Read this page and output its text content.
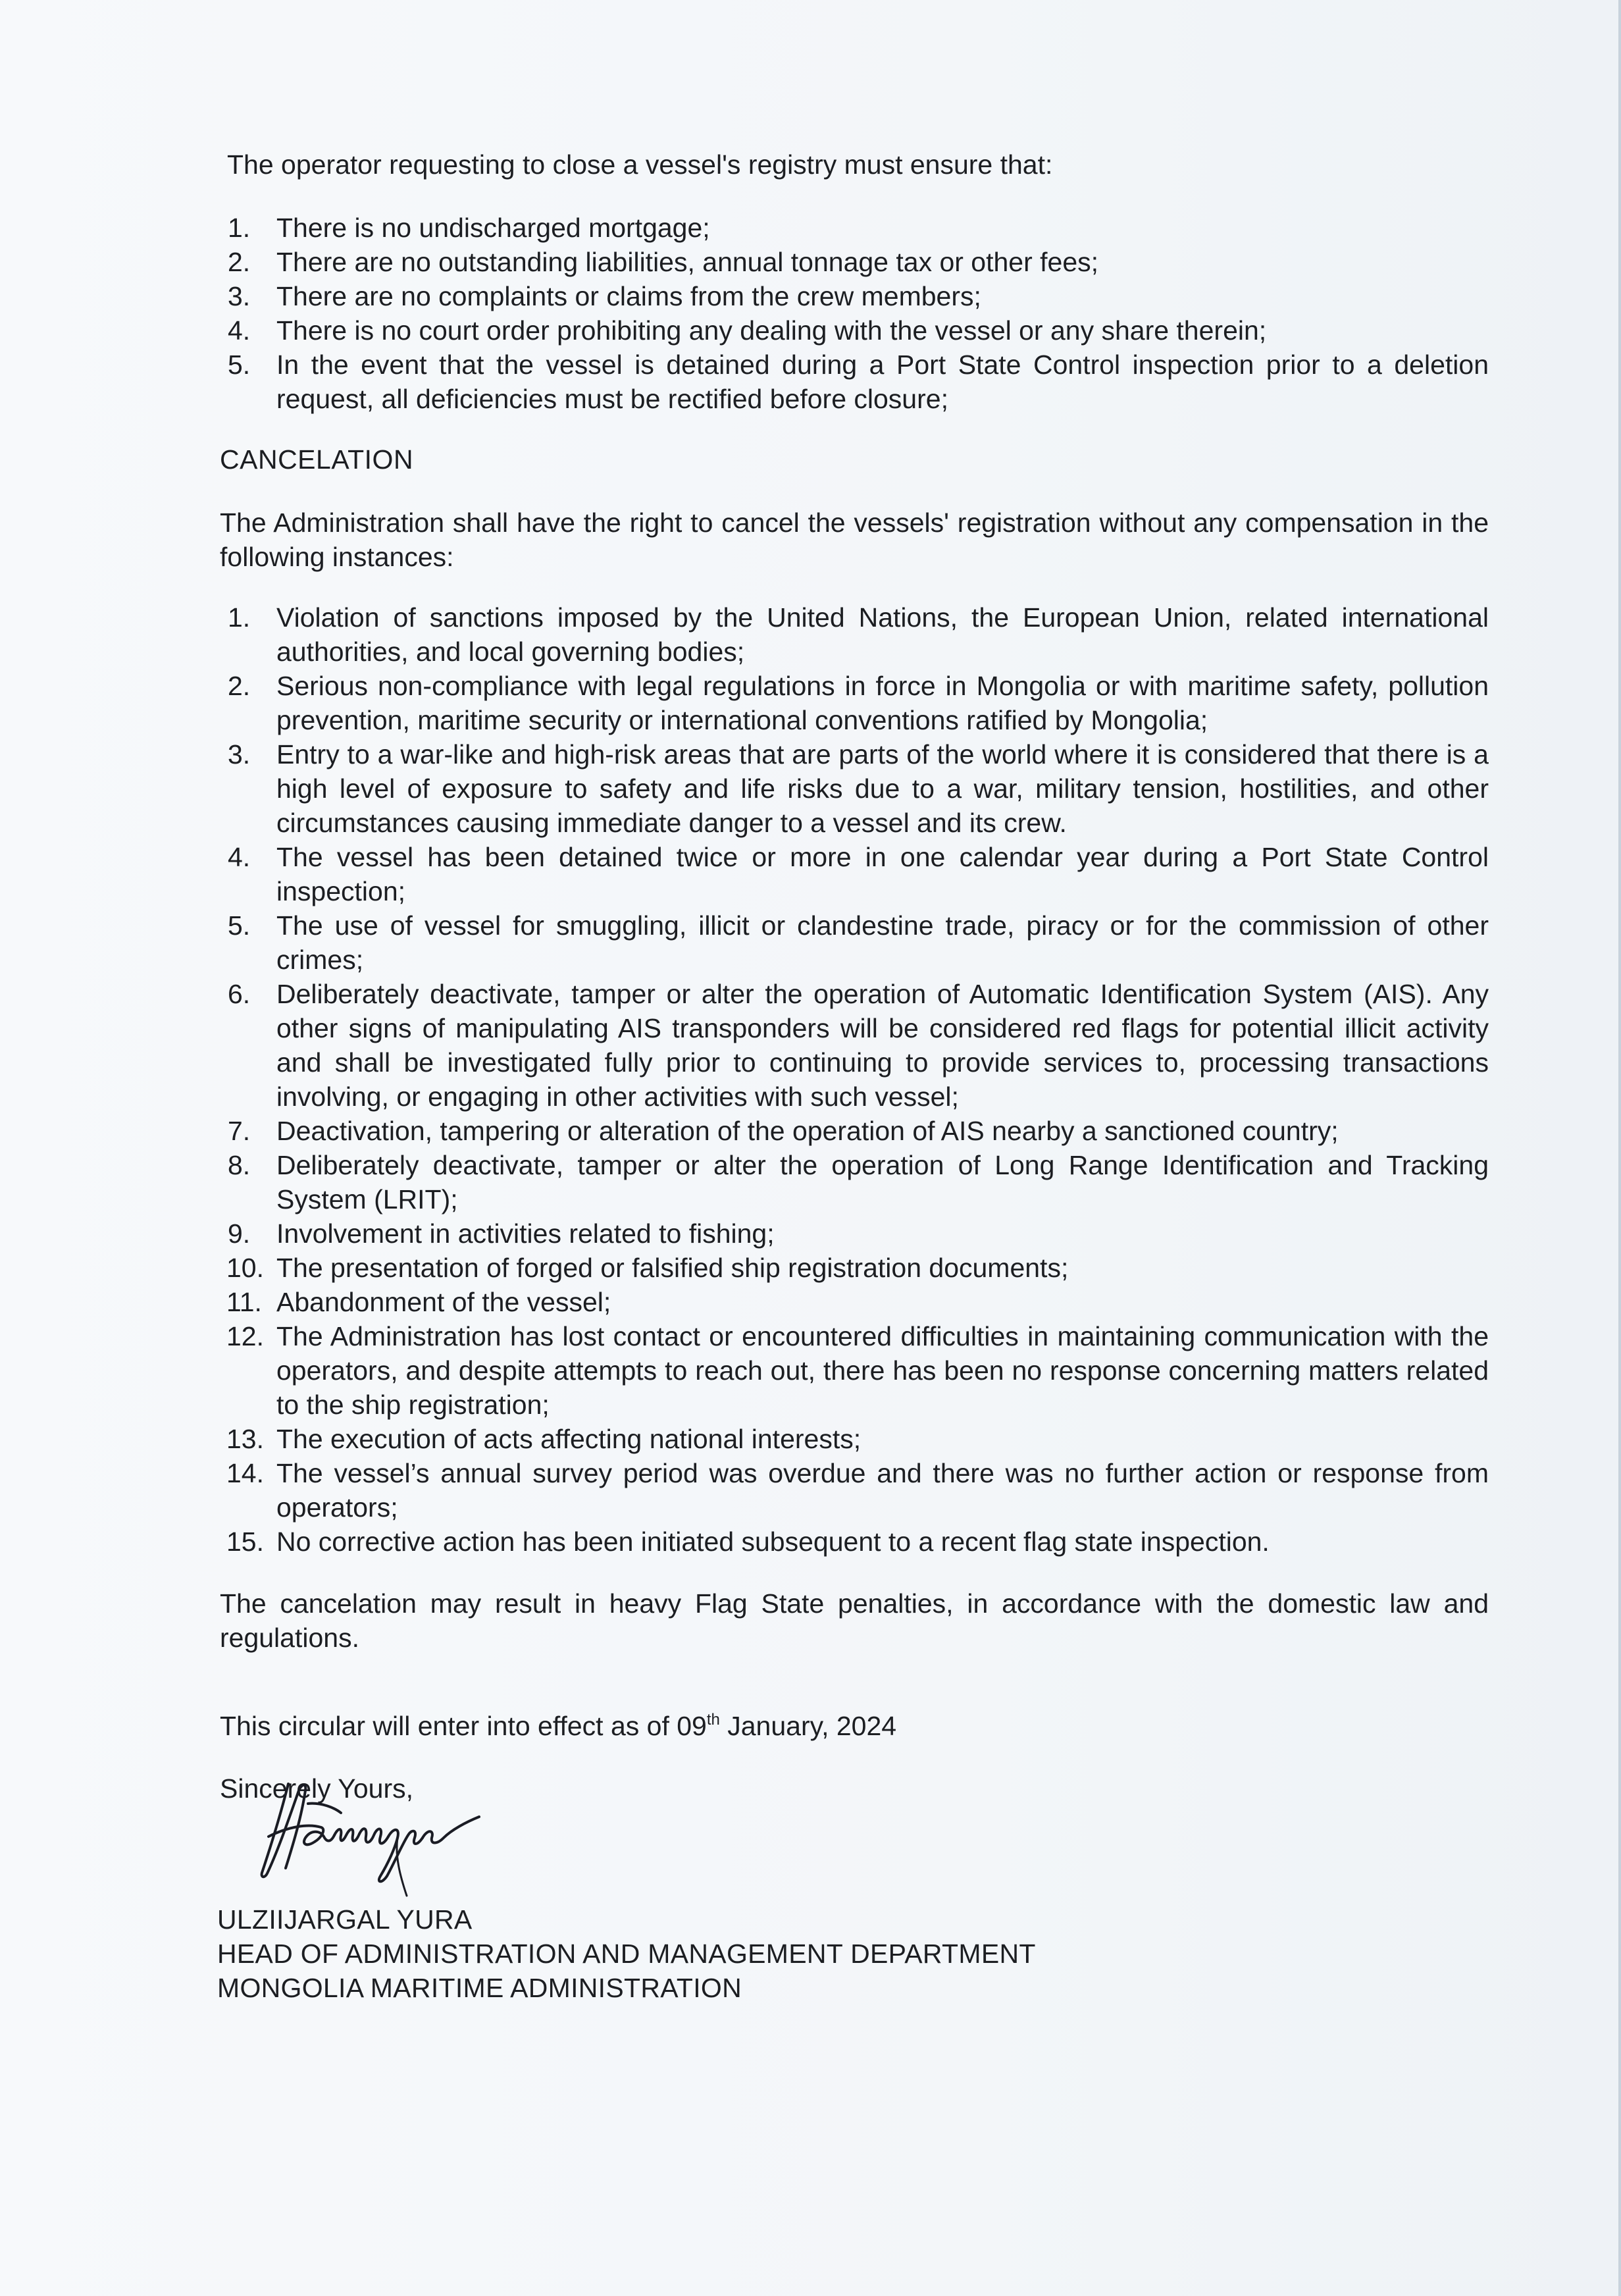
The operator requesting to close a vessel's registry must ensure that:

1. There is no undischarged mortgage;
2. There are no outstanding liabilities, annual tonnage tax or other fees;
3. There are no complaints or claims from the crew members;
4. There is no court order prohibiting any dealing with the vessel or any share therein;
5. In the event that the vessel is detained during a Port State Control inspection prior to a deletion request, all deficiencies must be rectified before closure;

CANCELATION

The Administration shall have the right to cancel the vessels' registration without any compensation in the following instances:

1. Violation of sanctions imposed by the United Nations, the European Union, related international authorities, and local governing bodies;
2. Serious non-compliance with legal regulations in force in Mongolia or with maritime safety, pollution prevention, maritime security or international conventions ratified by Mongolia;
3. Entry to a war-like and high-risk areas that are parts of the world where it is considered that there is a high level of exposure to safety and life risks due to a war, military tension, hostilities, and other circumstances causing immediate danger to a vessel and its crew.
4. The vessel has been detained twice or more in one calendar year during a Port State Control inspection;
5. The use of vessel for smuggling, illicit or clandestine trade, piracy or for the commission of other crimes;
6. Deliberately deactivate, tamper or alter the operation of Automatic Identification System (AIS). Any other signs of manipulating AIS transponders will be considered red flags for potential illicit activity and shall be investigated fully prior to continuing to provide services to, processing transactions involving, or engaging in other activities with such vessel;
7. Deactivation, tampering or alteration of the operation of AIS nearby a sanctioned country;
8. Deliberately deactivate, tamper or alter the operation of Long Range Identification and Tracking System (LRIT);
9. Involvement in activities related to fishing;
10. The presentation of forged or falsified ship registration documents;
11. Abandonment of the vessel;
12. The Administration has lost contact or encountered difficulties in maintaining communication with the operators, and despite attempts to reach out, there has been no response concerning matters related to the ship registration;
13. The execution of acts affecting national interests;
14. The vessel’s annual survey period was overdue and there was no further action or response from operators;
15. No corrective action has been initiated subsequent to a recent flag state inspection.

The cancelation may result in heavy Flag State penalties, in accordance with the domestic law and regulations.

This circular will enter into effect as of 09th January, 2024

Sincerely Yours,

ULZIIJARGAL YURA
HEAD OF ADMINISTRATION AND MANAGEMENT DEPARTMENT
MONGOLIA MARITIME ADMINISTRATION
